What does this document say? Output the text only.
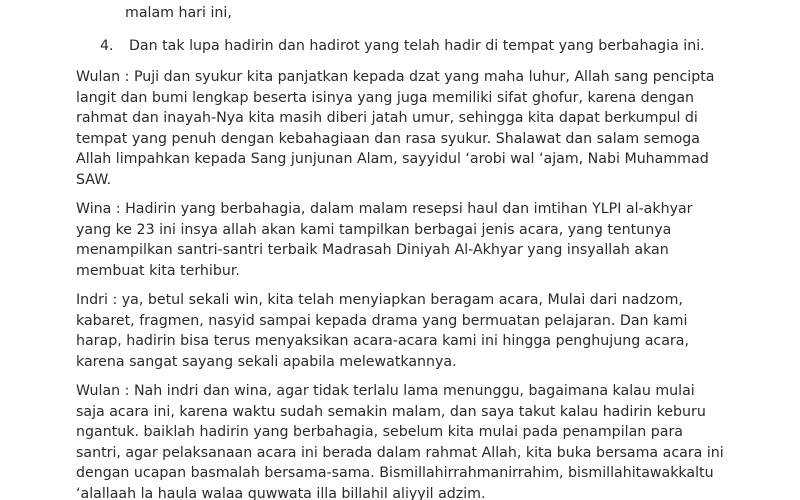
malam hari ini,
4. Dan tak lupa hadirin dan hadirot yang telah hadir di tempat yang berbahagia ini.
Wulan : Puji dan syukur kita panjatkan kepada dzat yang maha luhur, Allah sang pencipta
langit dan bumi lengkap beserta isinya yang juga memiliki sifat ghofur, karena dengan
rahmat dan inayah-Nya kita masih diberi jatah umur, sehingga kita dapat berkumpul di
tempat yang penuh dengan kebahagiaan dan rasa syukur. Shalawat dan salam semoga
Allah limpahkan kepada Sang junjunan Alam, sayyidul ‘arobi wal ‘ajam, Nabi Muhammad
SAW.
Wina : Hadirin yang berbahagia, dalam malam resepsi haul dan imtihan YLPI al-akhyar
yang ke 23 ini insya allah akan kami tampilkan berbagai jenis acara, yang tentunya
menampilkan santri-santri terbaik Madrasah Diniyah Al-Akhyar yang insyallah akan
membuat kita terhibur.
Indri : ya, betul sekali win, kita telah menyiapkan beragam acara, Mulai dari nadzom,
kabaret, fragmen, nasyid sampai kepada drama yang bermuatan pelajaran. Dan kami
harap, hadirin bisa terus menyaksikan acara-acara kami ini hingga penghujung acara,
karena sangat sayang sekali apabila melewatkannya.
Wulan : Nah indri dan wina, agar tidak terlalu lama menunggu, bagaimana kalau mulai
saja acara ini, karena waktu sudah semakin malam, dan saya takut kalau hadirin keburu
ngantuk. baiklah hadirin yang berbahagia, sebelum kita mulai pada penampilan para
santri, agar pelaksanaan acara ini berada dalam rahmat Allah, kita buka bersama acara ini
dengan ucapan basmalah bersama-sama. Bismillahirrahmanirrahim, bismillahitawakkaltu
‘alallaah la haula walaa quwwata illa billahil aliyyil adzim.
